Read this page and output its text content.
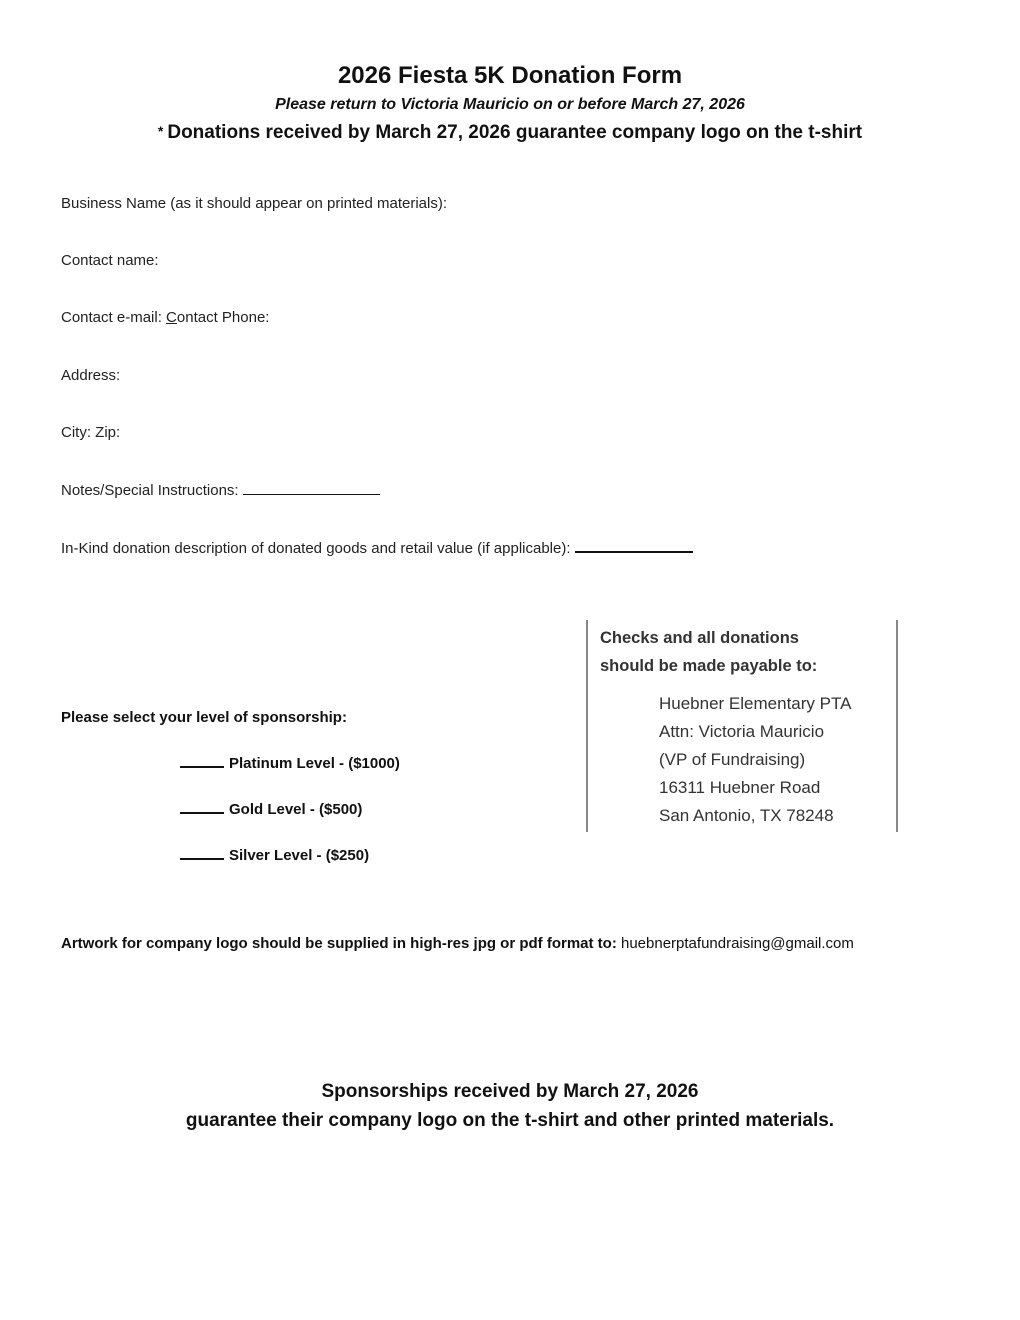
2026 Fiesta 5K Donation Form
Please return to Victoria Mauricio on or before March 27, 2026
* Donations received by March 27, 2026 guarantee company logo on the t-shirt
Business Name (as it should appear on printed materials):
Contact name:
Contact e-mail: Contact Phone:
Address:
City: Zip:
Notes/Special Instructions:
In-Kind donation description of donated goods and retail value (if applicable):
Checks and all donations
should be made payable to:
Huebner Elementary PTA
Attn: Victoria Mauricio
(VP of Fundraising)
16311 Huebner Road
San Antonio, TX 78248
Please select your level of sponsorship:
Platinum Level - ($1000)
Gold Level - ($500)
Silver Level - ($250)
Artwork for company logo should be supplied in high-res jpg or pdf format to: huebnerptafundraising@gmail.com
Sponsorships received by March 27, 2026
guarantee their company logo on the t-shirt and other printed materials.
